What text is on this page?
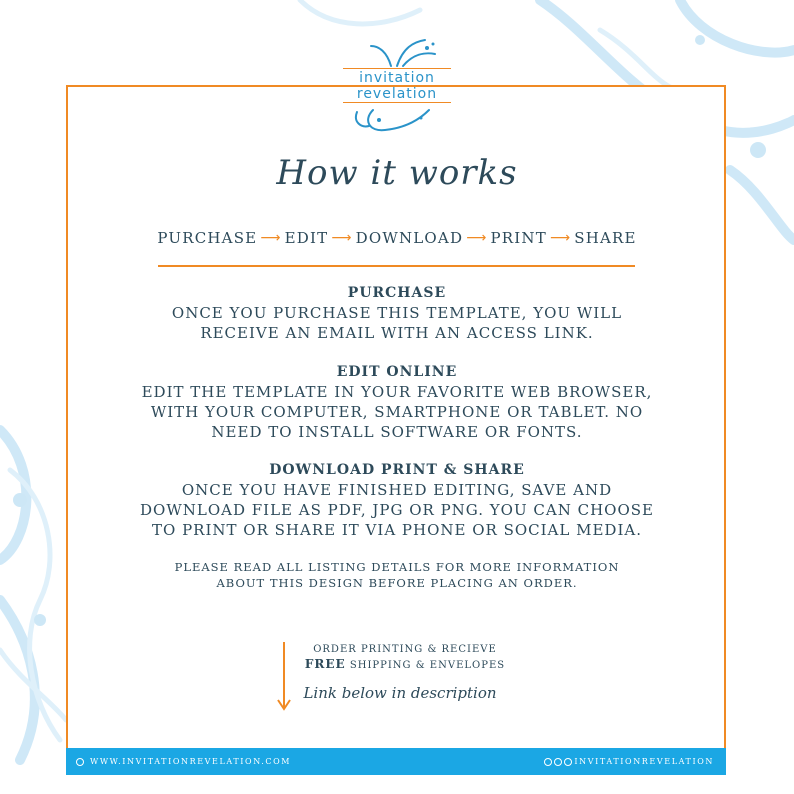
invitation
revelation
How it works
PURCHASE ⟶ EDIT ⟶ DOWNLOAD ⟶ PRINT ⟶ SHARE
PURCHASE

ONCE YOU PURCHASE THIS TEMPLATE, YOU WILL

RECEIVE AN EMAIL WITH AN ACCESS LINK.

EDIT ONLINE

EDIT THE TEMPLATE IN YOUR FAVORITE WEB BROWSER,

WITH YOUR COMPUTER, SMARTPHONE OR TABLET. NO

NEED TO INSTALL SOFTWARE OR FONTS.

DOWNLOAD PRINT & SHARE

ONCE YOU HAVE FINISHED EDITING, SAVE AND

DOWNLOAD FILE AS PDF, JPG OR PNG. YOU CAN CHOOSE

TO PRINT OR SHARE IT VIA PHONE OR SOCIAL MEDIA.

PLEASE READ ALL LISTING DETAILS FOR MORE INFORMATION
ABOUT THIS DESIGN BEFORE PLACING AN ORDER.
ORDER PRINTING & RECIEVE
FREE SHIPPING & ENVELOPES
Link below in description
WWW.INVITATIONREVELATION.COM	INVITATIONREVELATION
